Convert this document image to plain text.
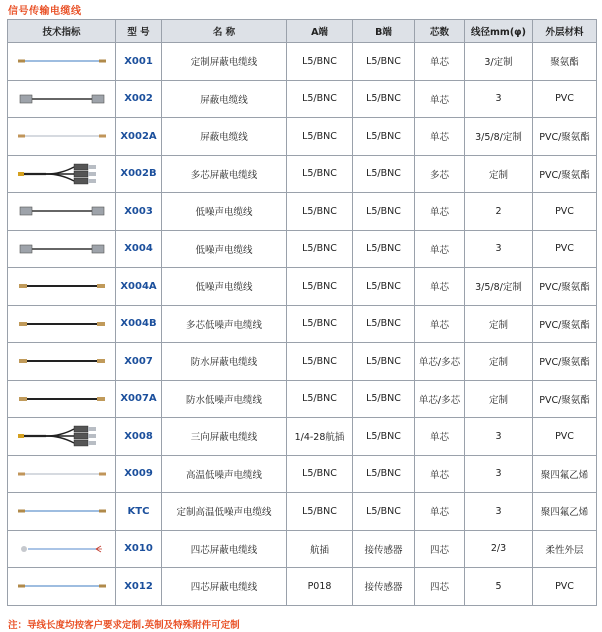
信号传输电缆线
技术指标	型 号	名 称	A端	B端	芯数	线径mm(φ)	外层材料

	X001	定制屏蔽电缆线	L5/BNC	L5/BNC	单芯	3/定制	聚氨酯

	X002	屏蔽电缆线	L5/BNC	L5/BNC	单芯	3	PVC

	X002A	屏蔽电缆线	L5/BNC	L5/BNC	单芯	3/5/8/定制	PVC/聚氨酯

	X002B	多芯屏蔽电缆线	L5/BNC	L5/BNC	多芯	定制	PVC/聚氨酯

	X003	低噪声电缆线	L5/BNC	L5/BNC	单芯	2	PVC

	X004	低噪声电缆线	L5/BNC	L5/BNC	单芯	3	PVC

	X004A	低噪声电缆线	L5/BNC	L5/BNC	单芯	3/5/8/定制	PVC/聚氨酯

	X004B	多芯低噪声电缆线	L5/BNC	L5/BNC	单芯	定制	PVC/聚氨酯

	X007	防水屏蔽电缆线	L5/BNC	L5/BNC	单芯/多芯	定制	PVC/聚氨酯

	X007A	防水低噪声电缆线	L5/BNC	L5/BNC	单芯/多芯	定制	PVC/聚氨酯

	X008	三向屏蔽电缆线	1/4-28航插	L5/BNC	单芯	3	PVC

	X009	高温低噪声电缆线	L5/BNC	L5/BNC	单芯	3	聚四氟乙烯

	KTC	定制高温低噪声电缆线	L5/BNC	L5/BNC	单芯	3	聚四氟乙烯

	X010	四芯屏蔽电缆线	航插	接传感器	四芯	2/3	柔性外层

	X012	四芯屏蔽电缆线	P018	接传感器	四芯	5	PVC
注：导线长度均按客户要求定制.英制及特殊附件可定制
